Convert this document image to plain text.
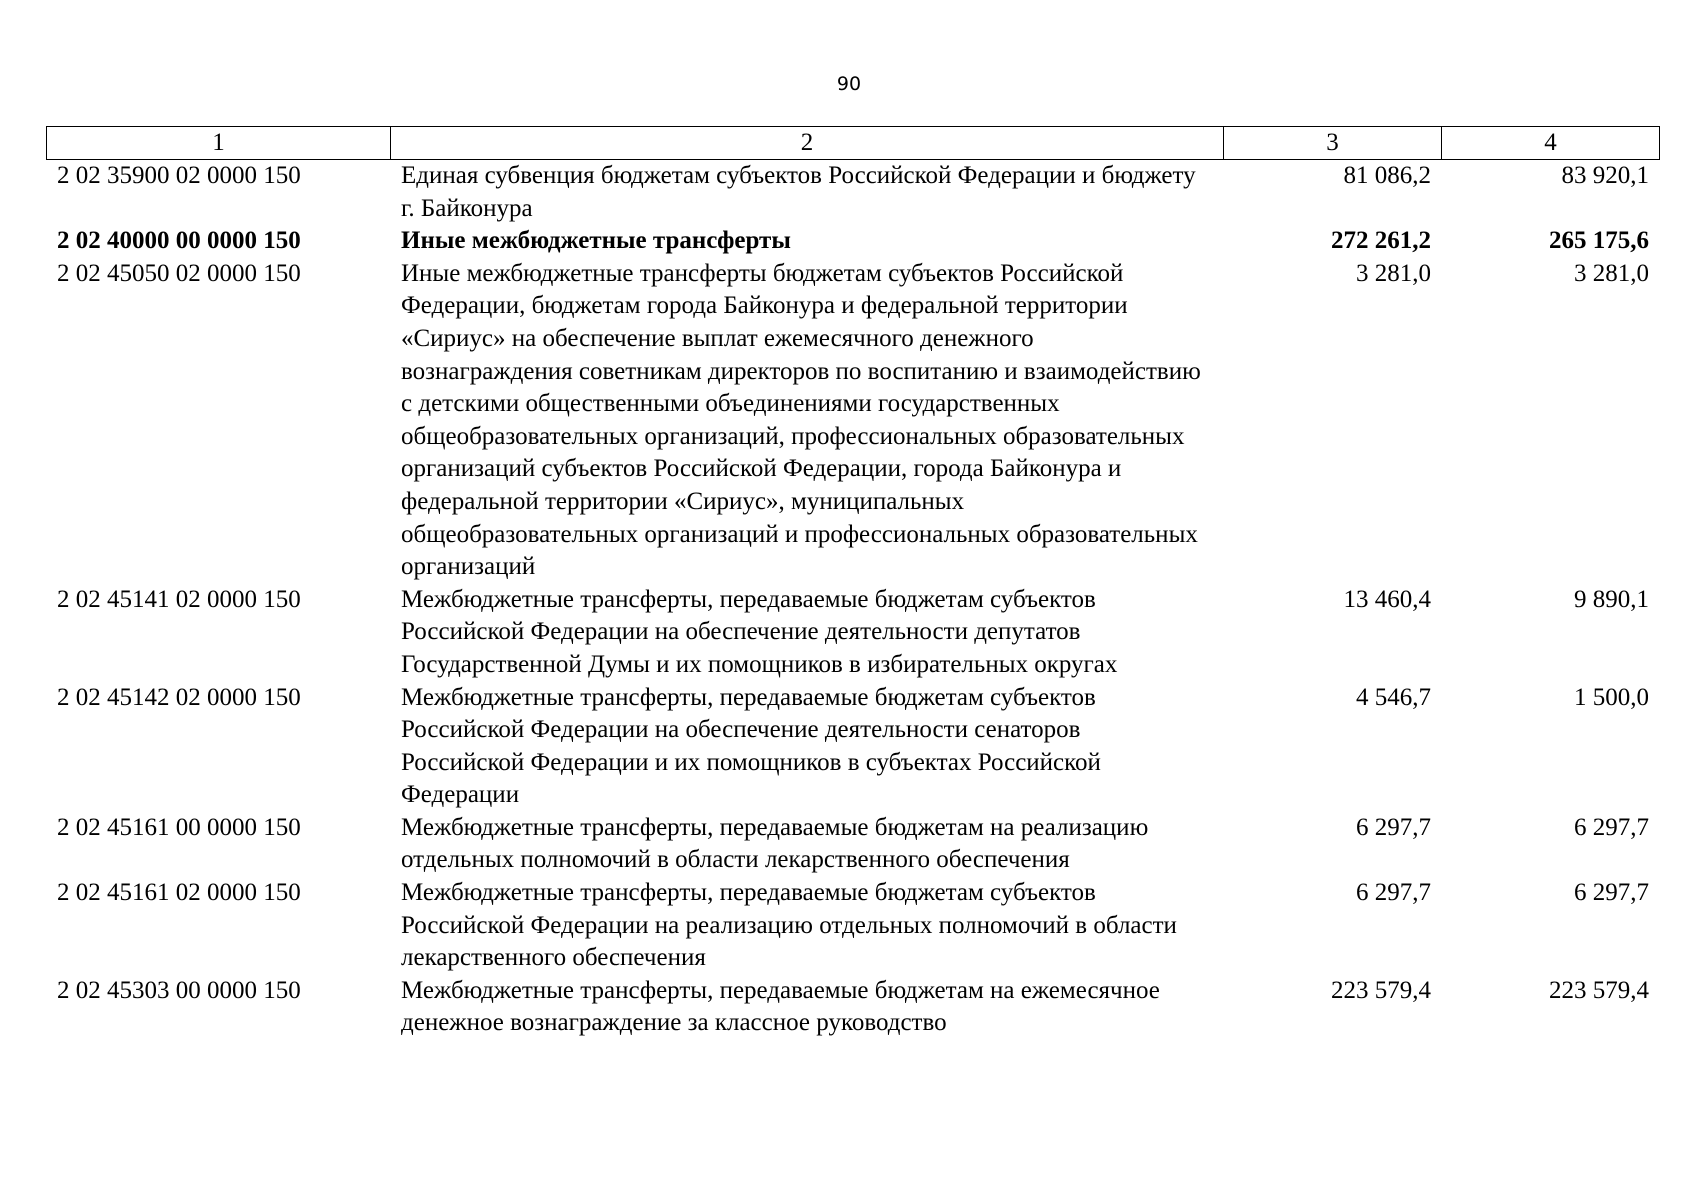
90
1	2	3	4
2 02 35900 02 0000 150	Единая субвенция бюджетам субъектов Российской Федерации и бюджету г. Байконура	81 086,2	83 920,1
2 02 40000 00 0000 150	Иные межбюджетные трансферты	272 261,2	265 175,6
2 02 45050 02 0000 150	Иные межбюджетные трансферты бюджетам субъектов Российской Федерации, бюджетам города Байконура и федеральной территории «Сириус» на обеспечение выплат ежемесячного денежного вознаграждения советникам директоров по воспитанию и взаимодействию с детскими общественными объединениями государственных общеобразовательных организаций, профессиональных образовательных организаций субъектов Российской Федерации, города Байконура и федеральной территории «Сириус», муниципальных общеобразовательных организаций и профессиональных образовательных организаций	3 281,0	3 281,0
2 02 45141 02 0000 150	Межбюджетные трансферты, передаваемые бюджетам субъектов Российской Федерации на обеспечение деятельности депутатов Государственной Думы и их помощников в избирательных округах	13 460,4	9 890,1
2 02 45142 02 0000 150	Межбюджетные трансферты, передаваемые бюджетам субъектов Российской Федерации на обеспечение деятельности сенаторов Российской Федерации и их помощников в субъектах Российской Федерации	4 546,7	1 500,0
2 02 45161 00 0000 150	Межбюджетные трансферты, передаваемые бюджетам на реализацию отдельных полномочий в области лекарственного обеспечения	6 297,7	6 297,7
2 02 45161 02 0000 150	Межбюджетные трансферты, передаваемые бюджетам субъектов Российской Федерации на реализацию отдельных полномочий в области лекарственного обеспечения	6 297,7	6 297,7
2 02 45303 00 0000 150	Межбюджетные трансферты, передаваемые бюджетам на ежемесячное денежное вознаграждение за классное руководство	223 579,4	223 579,4
